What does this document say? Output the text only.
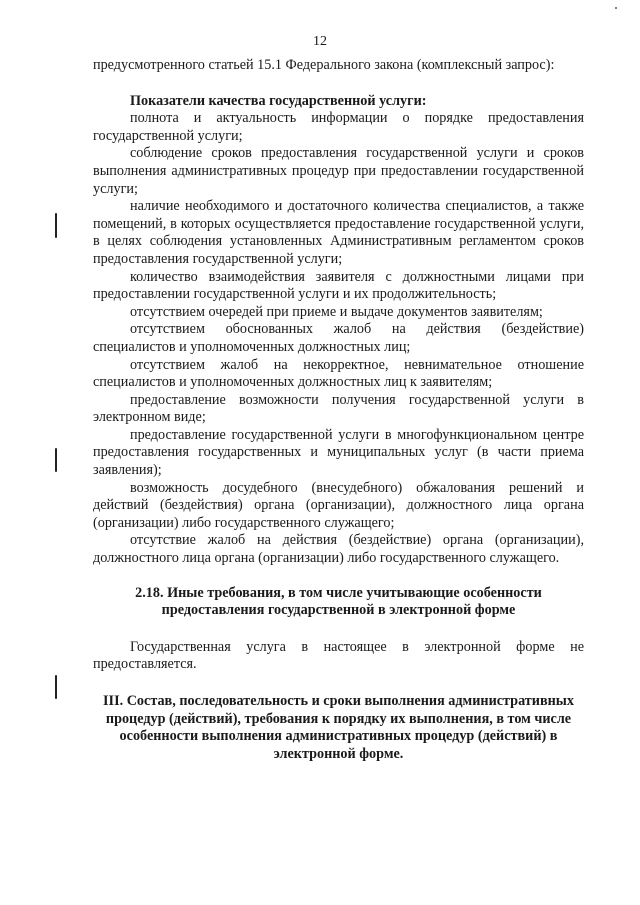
12

предусмотренного статьей 15.1 Федерального закона (комплексный запрос):

Показатели качества государственной услуги:

полнота и актуальность информации о порядке предоставления государственной услуги;

соблюдение сроков предоставления государственной услуги и сроков выполнения административных процедур при предоставлении государственной услуги;

наличие необходимого и достаточного количества специалистов, а также помещений, в которых осуществляется предоставление государственной услуги, в целях соблюдения установленных Административным регламентом сроков предоставления государственной услуги;

количество взаимодействия заявителя с должностными лицами при предоставлении государственной услуги и их продолжительность;

отсутствием очередей при приеме и выдаче документов заявителям;

отсутствием обоснованных жалоб на действия (бездействие) специалистов и уполномоченных должностных лиц;

отсутствием жалоб на некорректное, невнимательное отношение специалистов и уполномоченных должностных лиц к заявителям;

предоставление возможности получения государственной услуги в электронном виде;

предоставление государственной услуги в многофункциональном центре предоставления государственных и муниципальных услуг (в части приема заявления);

возможность досудебного (внесудебного) обжалования решений и действий (бездействия) органа (организации), должностного лица органа (организации) либо государственного служащего;

отсутствие жалоб на действия (бездействие) органа (организации), должностного лица органа (организации) либо государственного служащего.

2.18. Иные требования, в том числе учитывающие особенности предоставления государственной в электронной форме

Государственная услуга в настоящее в электронной форме не предоставляется.

III. Состав, последовательность и сроки выполнения административных процедур (действий), требования к порядку их выполнения, в том числе особенности выполнения административных процедур (действий) в электронной форме.
